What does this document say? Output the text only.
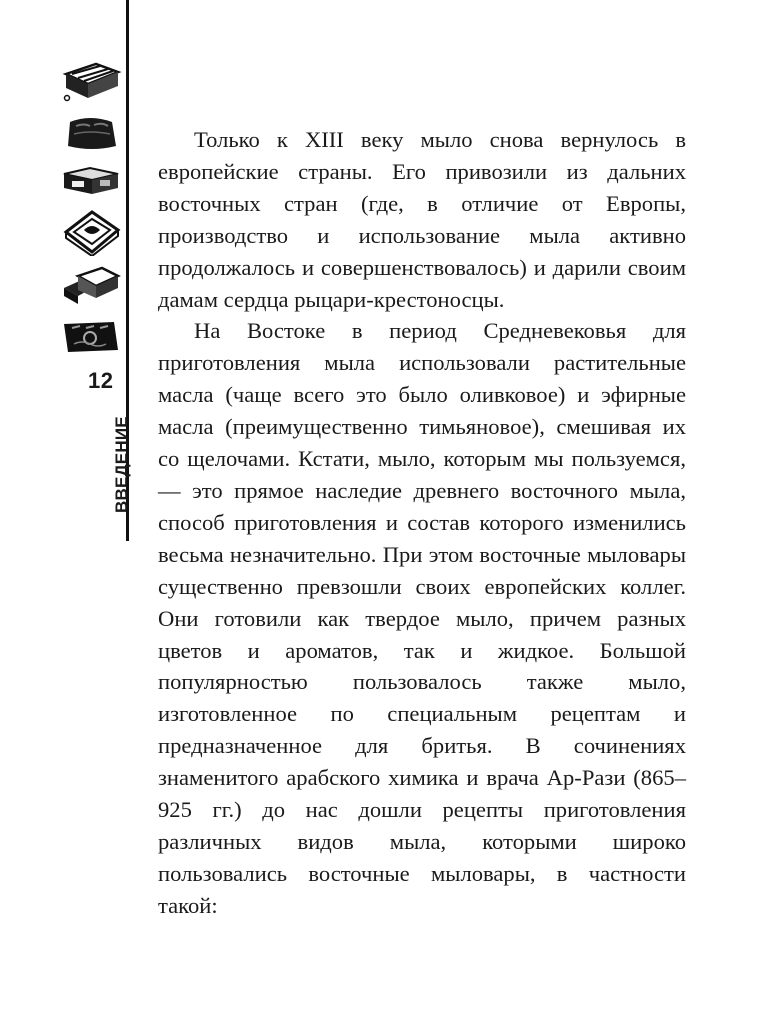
12
ВВЕДЕНИЕ

Только к XIII веку мыло снова вернулось в европейские страны. Его привозили из дальних восточных стран (где, в отличие от Европы, производство и использование мыла активно продолжалось и совершенствовалось) и дарили своим дамам сердца рыцари-крестоносцы.

На Востоке в период Средневековья для приготовления мыла использовали растительные масла (чаще всего это было оливковое) и эфирные масла (преимущественно тимьяновое), смешивая их со щелочами. Кстати, мыло, которым мы пользуемся, — это прямое наследие древнего восточного мыла, способ приготовления и состав которого изменились весьма незначительно. При этом восточные мыловары существенно превзошли своих европейских коллег. Они готовили как твердое мыло, причем разных цветов и ароматов, так и жидкое. Большой популярностью пользовалось также мыло, изготовленное по специальным рецептам и предназначенное для бритья. В сочинениях знаменитого арабского химика и врача Ар-Рази (865–925 гг.) до нас дошли рецепты приготовления различных видов мыла, которыми широко пользовались восточные мыловары, в частности такой:
